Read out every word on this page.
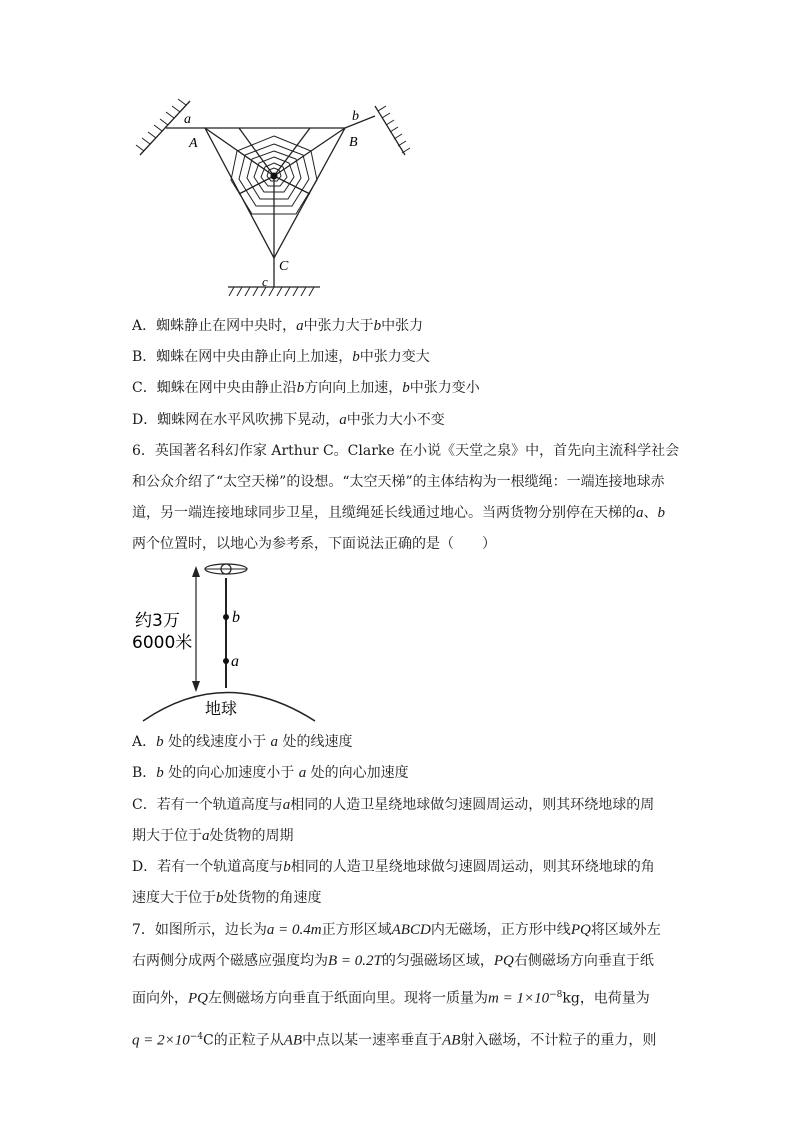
a
A
b
B
C
c
A．蜘蛛静止在网中央时，a中张力大于b中张力
B．蜘蛛在网中央由静止向上加速，b中张力变大
C．蜘蛛在网中央由静止沿b方向向上加速，b中张力变小
D．蜘蛛网在水平风吹拂下晃动，a中张力大小不变
6．英国著名科幻作家 Arthur C。Clarke 在小说《天堂之泉》中，首先向主流科学社会
和公众介绍了“太空天梯”的设想。“太空天梯”的主体结构为一根缆绳：一端连接地球赤
道，另一端连接地球同步卫星，且缆绳延长线通过地心。当两货物分别停在天梯的a、b
两个位置时，以地心为参考系，下面说法正确的是（　　）
b
a
约3万
6000米
地球
A．b 处的线速度小于 a 处的线速度
B．b 处的向心加速度小于 a 处的向心加速度
C．若有一个轨道高度与a相同的人造卫星绕地球做匀速圆周运动，则其环绕地球的周
期大于位于a处货物的周期
D．若有一个轨道高度与b相同的人造卫星绕地球做匀速圆周运动，则其环绕地球的角
速度大于位于b处货物的角速度
7．如图所示，边长为a = 0.4m正方形区域ABCD内无磁场，正方形中线PQ将区域外左
右两侧分成两个磁感应强度均为B = 0.2T的匀强磁场区域，PQ右侧磁场方向垂直于纸
面向外，PQ左侧磁场方向垂直于纸面向里。现将一质量为$m = 1\times 10^{-8}kg$，电荷量为
$q = 2\times 10^{-4}C$的正粒子从AB中点以某一速率垂直于AB射入磁场，不计粒子的重力，则
